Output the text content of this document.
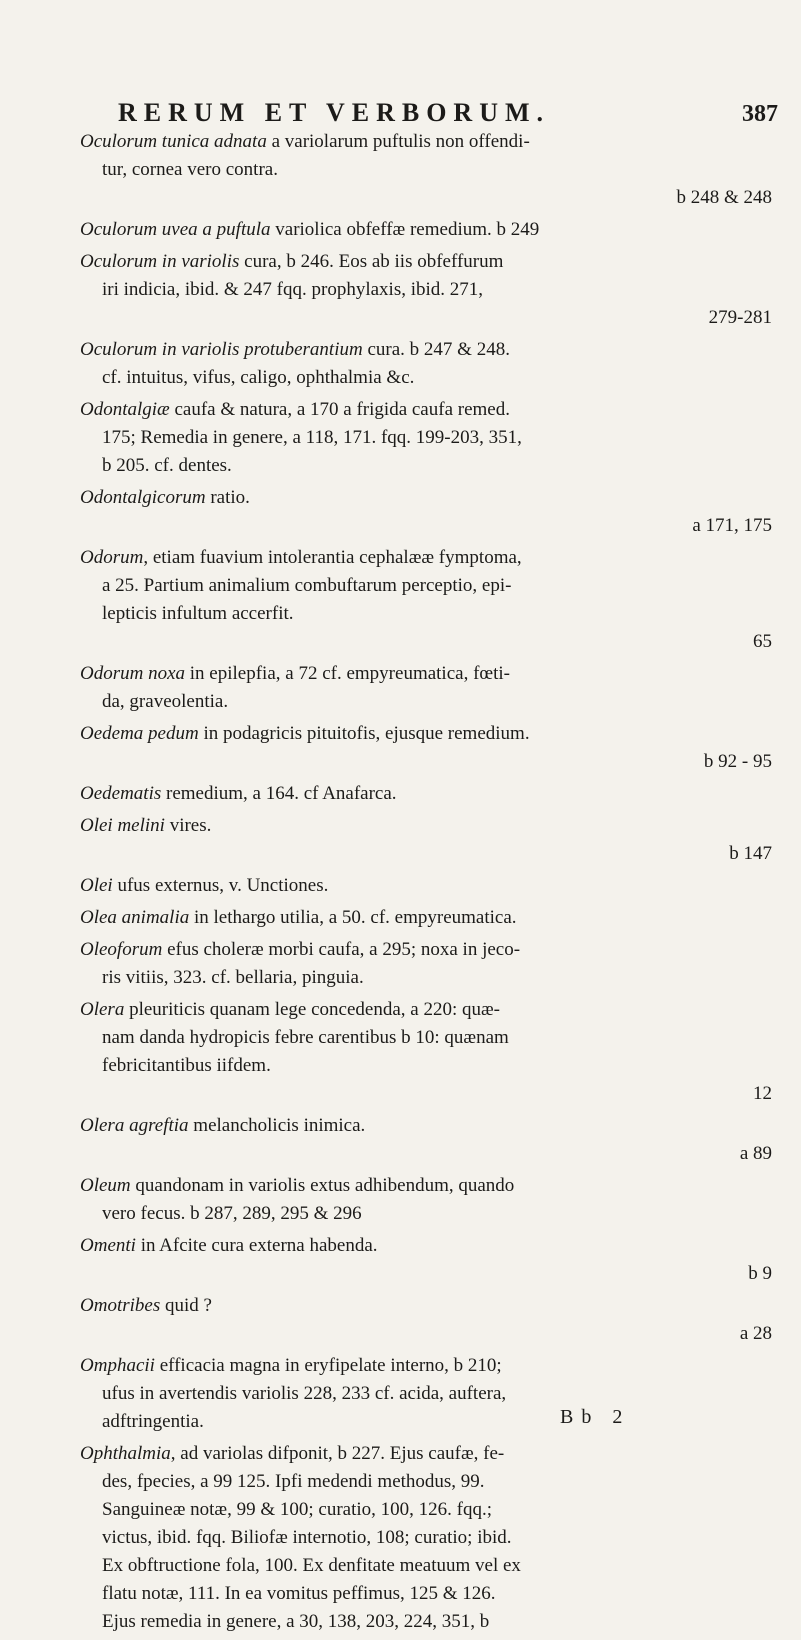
RERUM ET VERBORUM.	387
Oculorum tunica adnata a variolarum puftulis non offendi-
tur, cornea vero contra.
b 248 & 248
Oculorum uvea a puftula variolica obfeffæ remedium. b 249
Oculorum in variolis cura, b 246. Eos ab iis obfeffurum
iri indicia, ibid. & 247 fqq. prophylaxis, ibid. 271,
279-281
Oculorum in variolis protuberantium cura. b 247 & 248.
cf. intuitus, vifus, caligo, ophthalmia &c.
Odontalgiæ caufa & natura, a 170 a frigida caufa remed.
175; Remedia in genere, a 118, 171. fqq. 199-203, 351,
b 205. cf. dentes.
Odontalgicorum ratio.
a 171, 175
Odorum, etiam fuavium intolerantia cephalææ fymptoma,
a 25. Partium animalium combuftarum perceptio, epi-
lepticis infultum accerfit.
65
Odorum noxa in epilepfia, a 72 cf. empyreumatica, fœti-
da, graveolentia.
Oedema pedum in podagricis pituitofis, ejusque remedium.
b 92 - 95
Oedematis remedium, a 164. cf Anafarca.
Olei melini vires.
b 147
Olei ufus externus, v. Unctiones.
Olea animalia in lethargo utilia, a 50. cf. empyreumatica.
Oleoforum efus choleræ morbi caufa, a 295; noxa in jeco-
ris vitiis, 323. cf. bellaria, pinguia.
Olera pleuriticis quanam lege concedenda, a 220: quæ-
nam danda hydropicis febre carentibus b 10: quænam
febricitantibus iifdem.
12
Olera agreftia melancholicis inimica.
a 89
Oleum quandonam in variolis extus adhibendum, quando
vero fecus. b 287, 289, 295 & 296
Omenti in Afcite cura externa habenda.
b 9
Omotribes quid ?
a 28
Omphacii efficacia magna in eryfipelate interno, b 210;
ufus in avertendis variolis 228, 233 cf. acida, auftera,
adftringentia.
Ophthalmia, ad variolas difponit, b 227. Ejus caufæ, fe-
des, fpecies, a 99 125. Ipfi medendi methodus, 99.
Sanguineæ notæ, 99 & 100; curatio, 100, 126. fqq.;
victus, ibid. fqq. Biliofæ internotio, 108; curatio; ibid.
Ex obftructione fola, 100. Ex denfitate meatuum vel ex
flatu notæ, 111. In ea vomitus peffimus, 125 & 126.
Ejus remedia in genere, a 30, 138, 203, 224, 351, b
Bb 2
